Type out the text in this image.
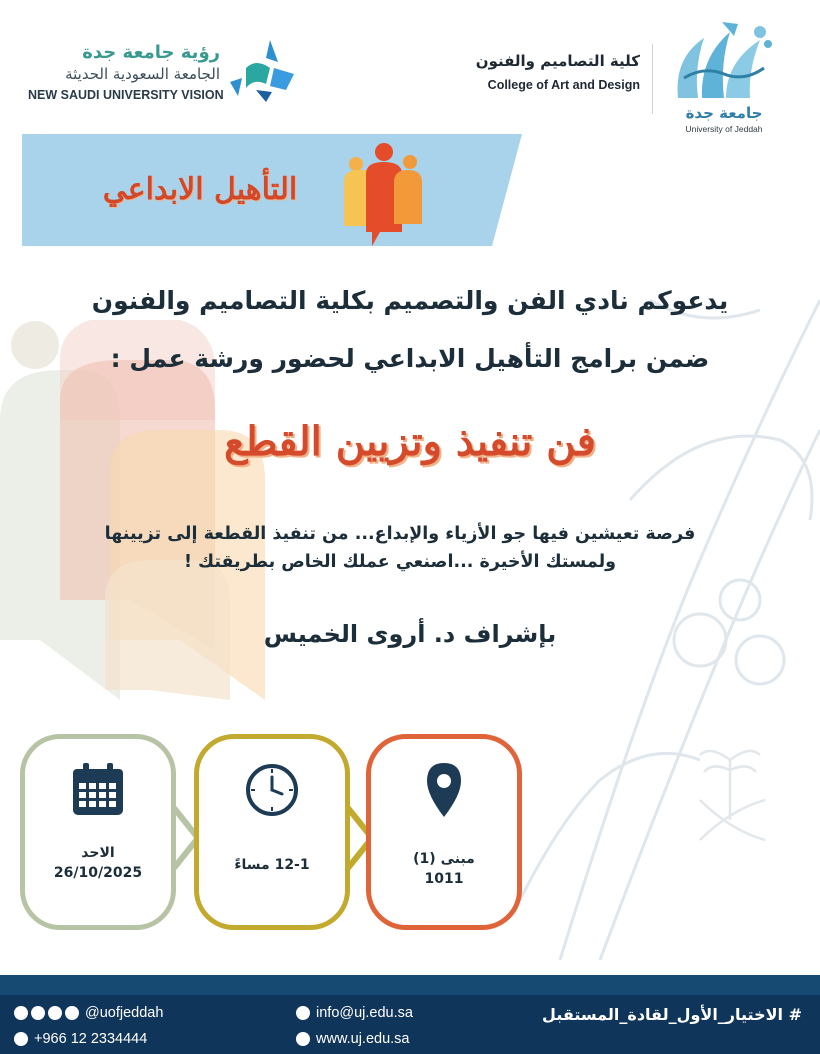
رؤية جامعة جدة
الجامعة السعودية الحديثة
NEW SAUDI UNIVERSITY VISION
كلية التصاميم والفنون
College of Art and Design
جامعة جدة
University of Jeddah
التأهيل الابداعي
يدعوكم نادي الفن والتصميم بكلية التصاميم والفنون
ضمن برامج التأهيل الابداعي لحضور ورشة عمل :
فن تنفيذ وتزيين القطع
فرصة تعيشين فيها جو الأزياء والإبداع... من تنفيذ القطعة إلى تزيينها
ولمستك الأخيرة ...اصنعي عملك الخاص بطريقتك !
بإشراف د. أروى الخميس
الاحد
26/10/2025	12-1 مساءً	مبنى (1)
1011
@uofjeddah
+966 12 2334444
info@uj.edu.sa
www.uj.edu.sa
# الاختيار_الأول_لقادة_المستقبل
